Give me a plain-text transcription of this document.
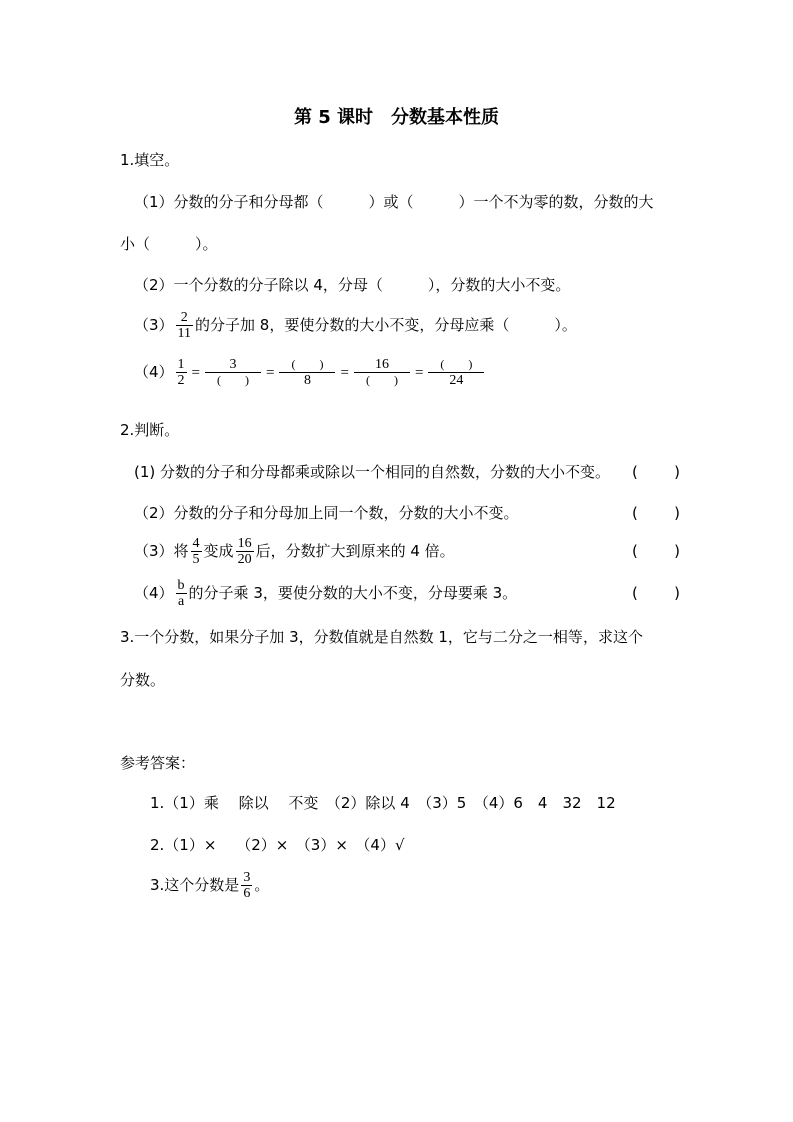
第 5 课时　分数基本性质
1.填空。
（1）分数的分子和分母都（　　　）或（　　　）一个不为零的数，分数的大
小（　　　）。
（2）一个分数的分子除以 4，分母（　　　），分数的大小不变。
$(3) \frac{2}{11}$ 的分子加 8，要使分数的大小不变，分母应乘（　　　）。
$(4) \frac{1}{2} = \frac{3}{( )} = \frac{( )}{8} = \frac{16}{( )} = \frac{( )}{24}$
2.判断。
(1) 分数的分子和分母都乘或除以一个相同的自然数，分数的大小不变。 ( )
（2）分数的分子和分母加上同一个数，分数的大小不变。	( )
（3）将 $\frac{4}{5}$ 变成 $\frac{16}{20}$ 后，分数扩大到原来的 4 倍。	( )
$(4) \frac{b}{a}$ 的分子乘 3，要使分数的大小不变，分母要乘 3。	( )
3.一个分数，如果分子加 3，分数值就是自然数 1，它与二分之一相等，求这个
分数。
参考答案：
1.（1）乘　 除以　 不变　（2）除以 4　（3）5　（4）6　4　32　12
2.（1）×　 （2）×　（3）×　（4）√
3.这个分数是 $\frac{3}{6}$ 。
